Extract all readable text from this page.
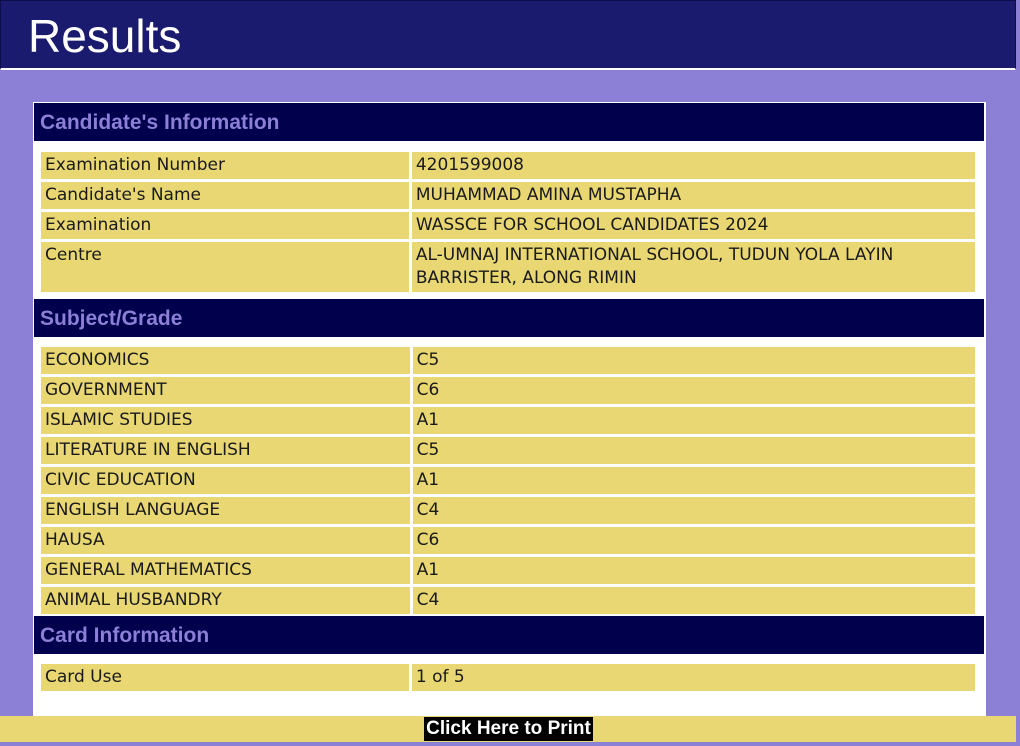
Results
Candidate's Information
Examination Number	4201599008
Candidate's Name	MUHAMMAD AMINA MUSTAPHA
Examination	WASSCE FOR SCHOOL CANDIDATES 2024
Centre	AL-UMNAJ INTERNATIONAL SCHOOL, TUDUN YOLA LAYIN BARRISTER, ALONG RIMIN
Subject/Grade
ECONOMICS	C5
GOVERNMENT	C6
ISLAMIC STUDIES	A1
LITERATURE IN ENGLISH	C5
CIVIC EDUCATION	A1
ENGLISH LANGUAGE	C4
HAUSA	C6
GENERAL MATHEMATICS	A1
ANIMAL HUSBANDRY	C4
Card Information
Card Use	1 of 5
Click Here to Print
